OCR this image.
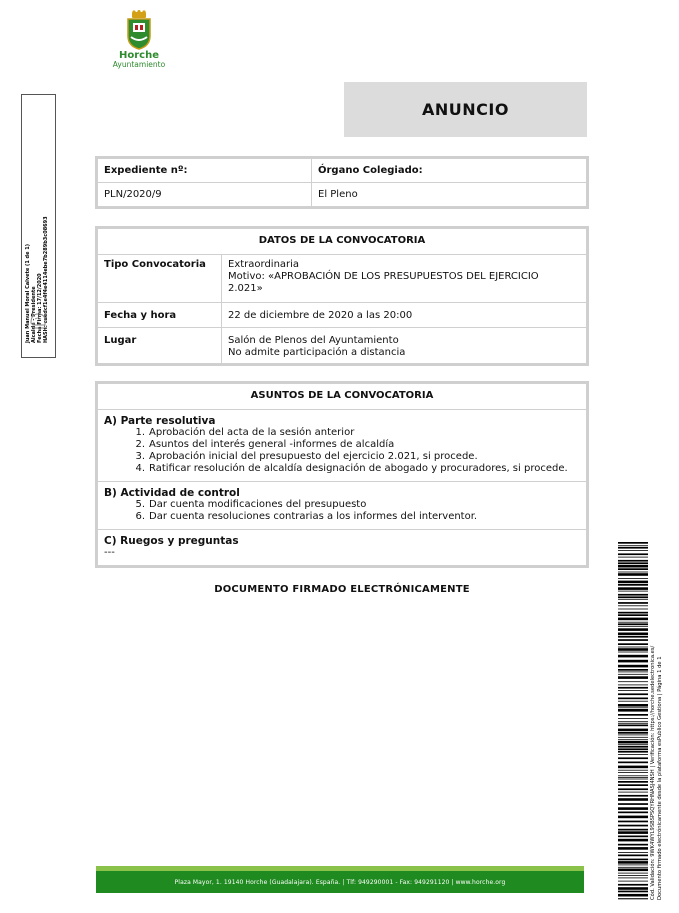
Horche
Ayuntamiento
Juan Manuel Moral Calvete (1 de 1) Alcalde - Presidente Fecha Firma: 17/12/2020 HASH: caedcf1e4f4e4114ebe7b289b3c08693
ANUNCIO
Expediente nº:	Órgano Colegiado:
PLN/2020/9	El Pleno
DATOS DE LA CONVOCATORIA	
Tipo Convocatoria	Extraordinaria
Motivo: «APROBACIÓN DE LOS PRESUPUESTOS DEL EJERCICIO
2.021»

Fecha y hora	22 de diciembre de 2020 a las 20:00
Lugar	Salón de Plenos del Ayuntamiento
No admite participación a distancia
ASUNTOS DE LA CONVOCATORIA

A) Parte resolutiva
1. Aprobación del acta de la sesión anterior
2. Asuntos del interés general -informes de alcaldía
3. Aprobación inicial del presupuesto del ejercicio 2.021, si procede.
4. Ratificar resolución de alcaldía designación de abogado y procuradores, si procede.

B) Actividad de control
5. Dar cuenta modificaciones del presupuesto
6. Dar cuenta resoluciones contrarias a los informes del interventor.

C) Ruegos y preguntas
---
DOCUMENTO FIRMADO ELECTRÓNICAMENTE
Cód. Validación: 9WK4WYL9SBSPSQYRHNASJ4NSH | Verificación: https://horche.sedelectronica.es/ Documento firmado electrónicamente desde la plataforma esPublico Gestiona | Página 1 de 1
Plaza Mayor, 1. 19140 Horche (Guadalajara). España. | Tlf: 949290001 - Fax: 949291120 | www.horche.org
